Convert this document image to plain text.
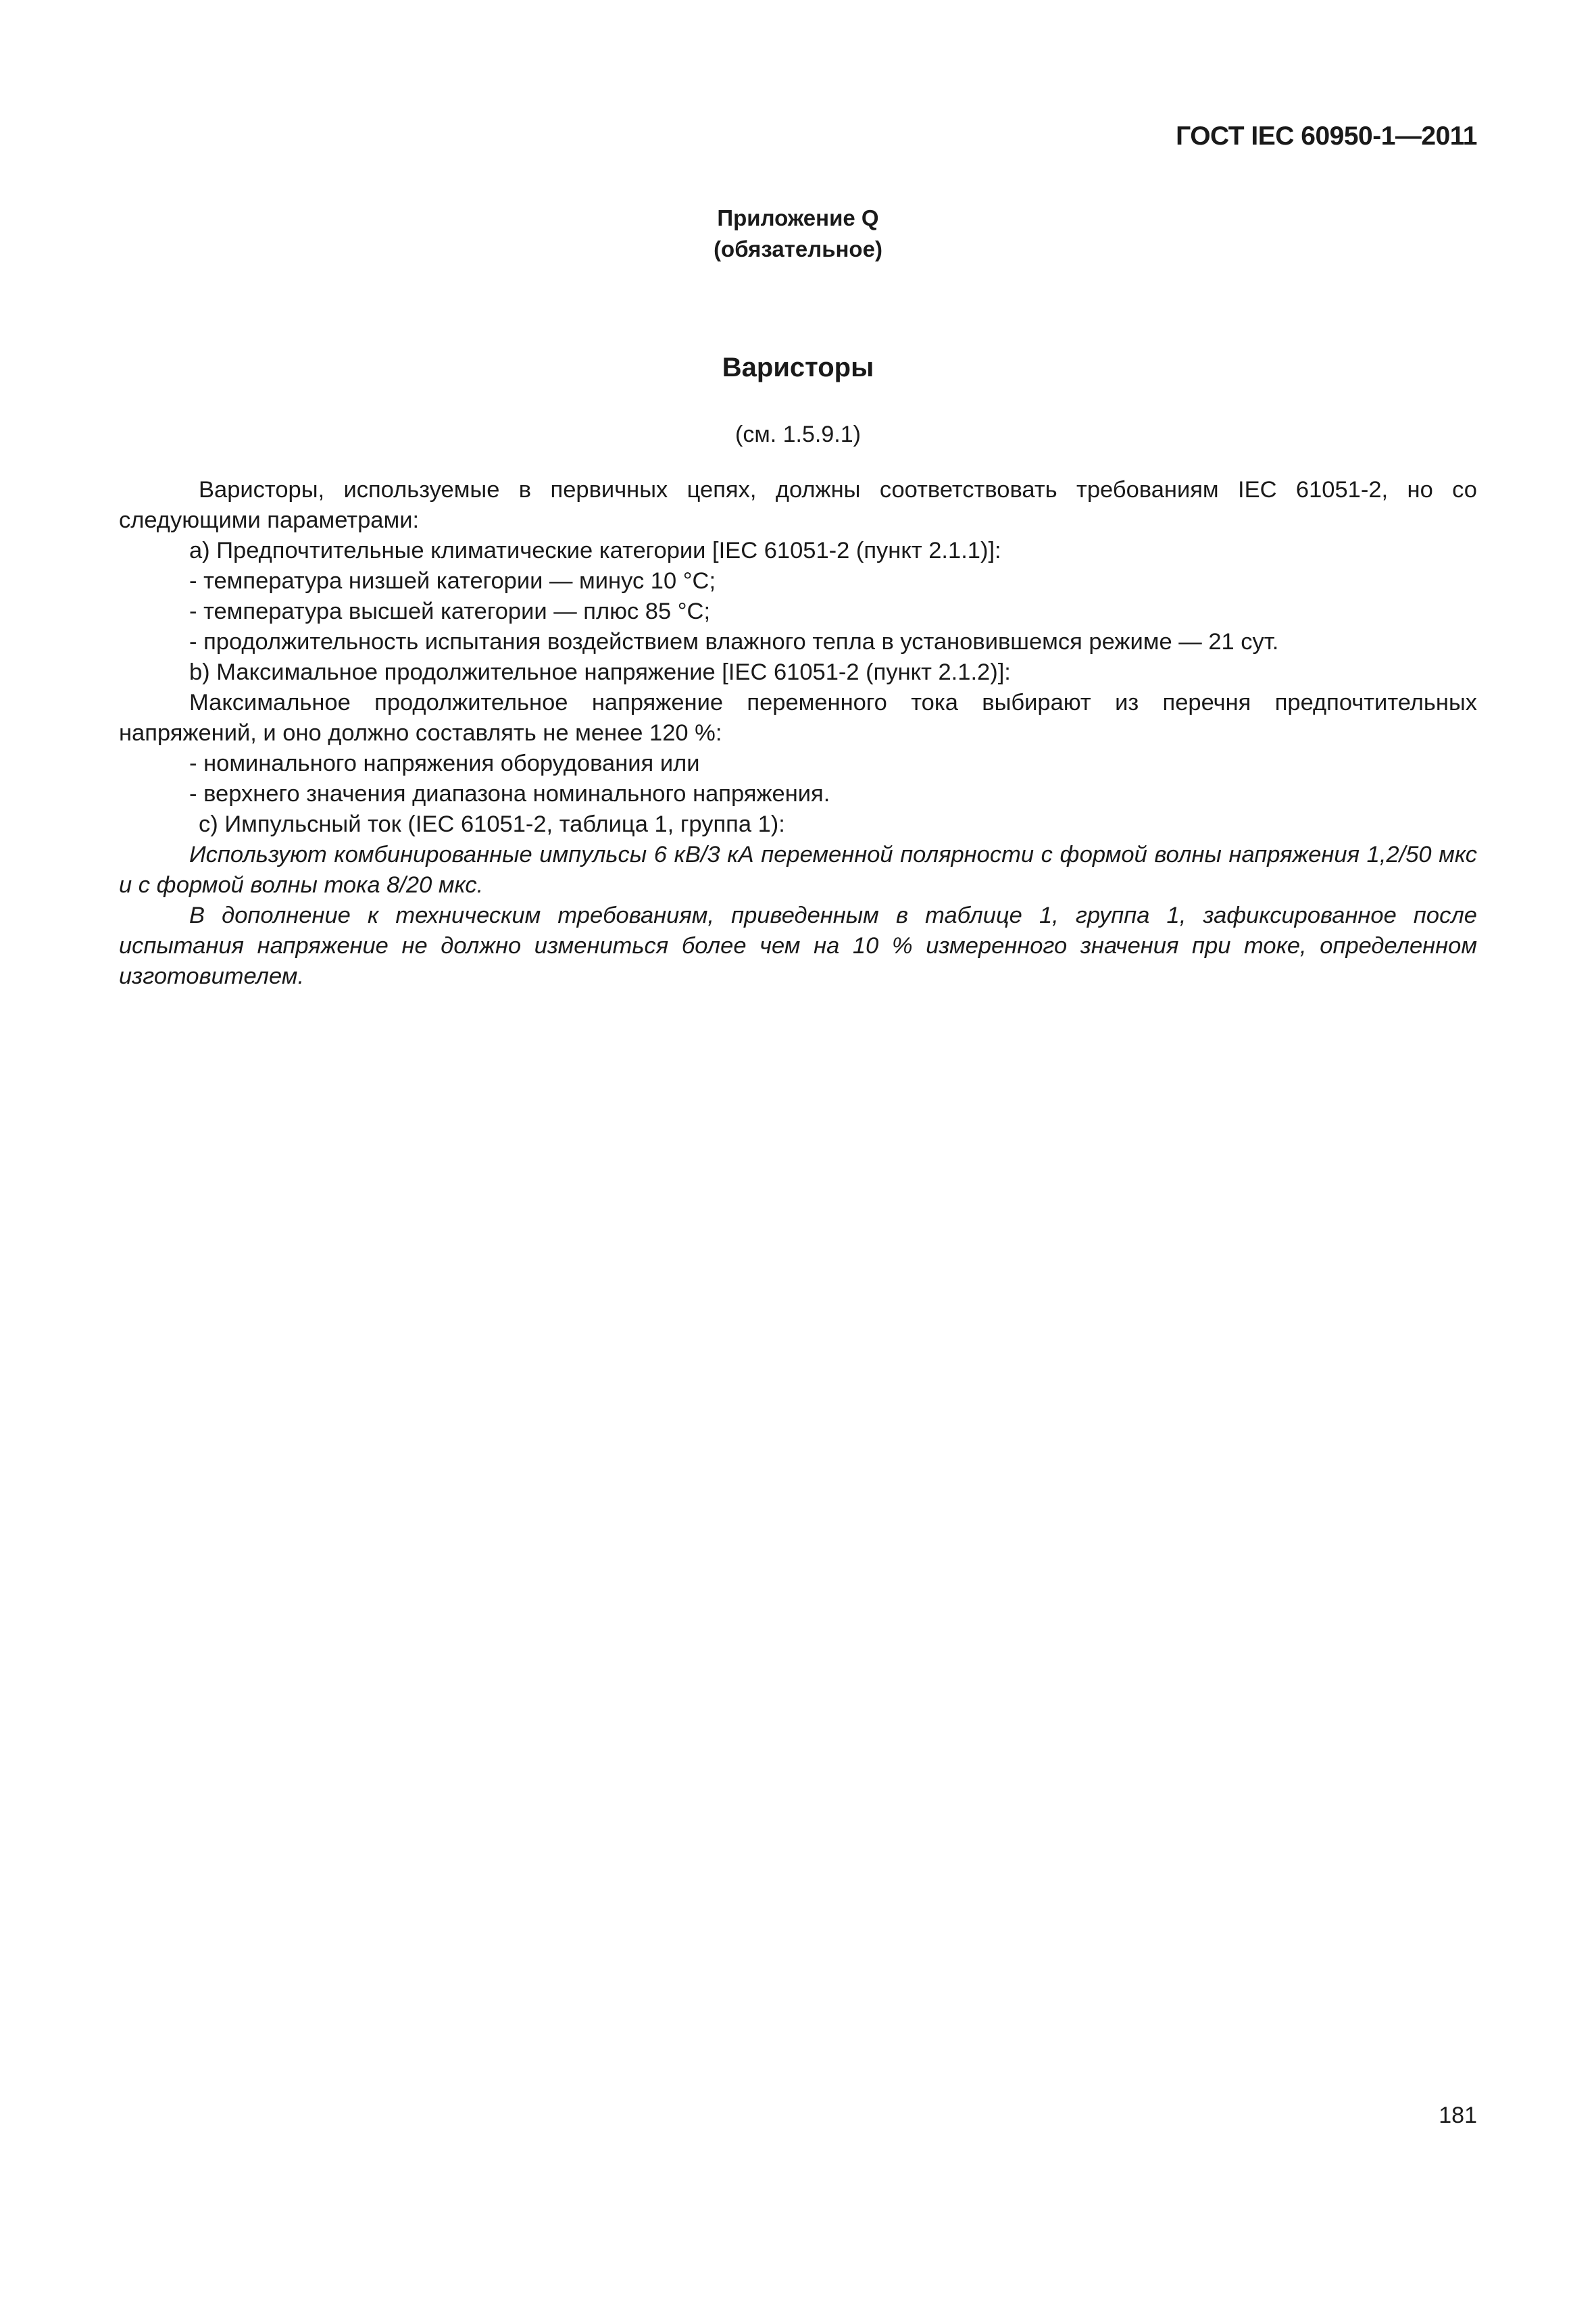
ГОСТ IEC 60950-1—2011
Приложение Q
(обязательное)
Варисторы
(см. 1.5.9.1)

Варисторы, используемые в первичных цепях, должны соответствовать требованиям IEC 61051-2, но со следующими параметрами:

a) Предпочтительные климатические категории [IEC 61051-2 (пункт 2.1.1)]:

- температура низшей категории — минус 10 °С;

- температура высшей категории — плюс 85 °С;

- продолжительность испытания воздействием влажного тепла в установившемся режиме — 21 сут.

b) Максимальное продолжительное напряжение [IEC 61051-2 (пункт 2.1.2)]:

Максимальное продолжительное напряжение переменного тока выбирают из перечня предпочтительных напряжений, и оно должно составлять не менее 120 %:

- номинального напряжения оборудования или

- верхнего значения диапазона номинального напряжения.

c) Импульсный ток (IEC 61051-2, таблица 1, группа 1):

Используют комбинированные импульсы 6 кВ/3 кА переменной полярности с формой волны напряжения 1,2/50 мкс и с формой волны тока 8/20 мкс.

В дополнение к техническим требованиям, приведенным в таблице 1, группа 1, зафиксированное после испытания напряжение не должно измениться более чем на 10 % измеренного значения при токе, определенном изготовителем.

181
